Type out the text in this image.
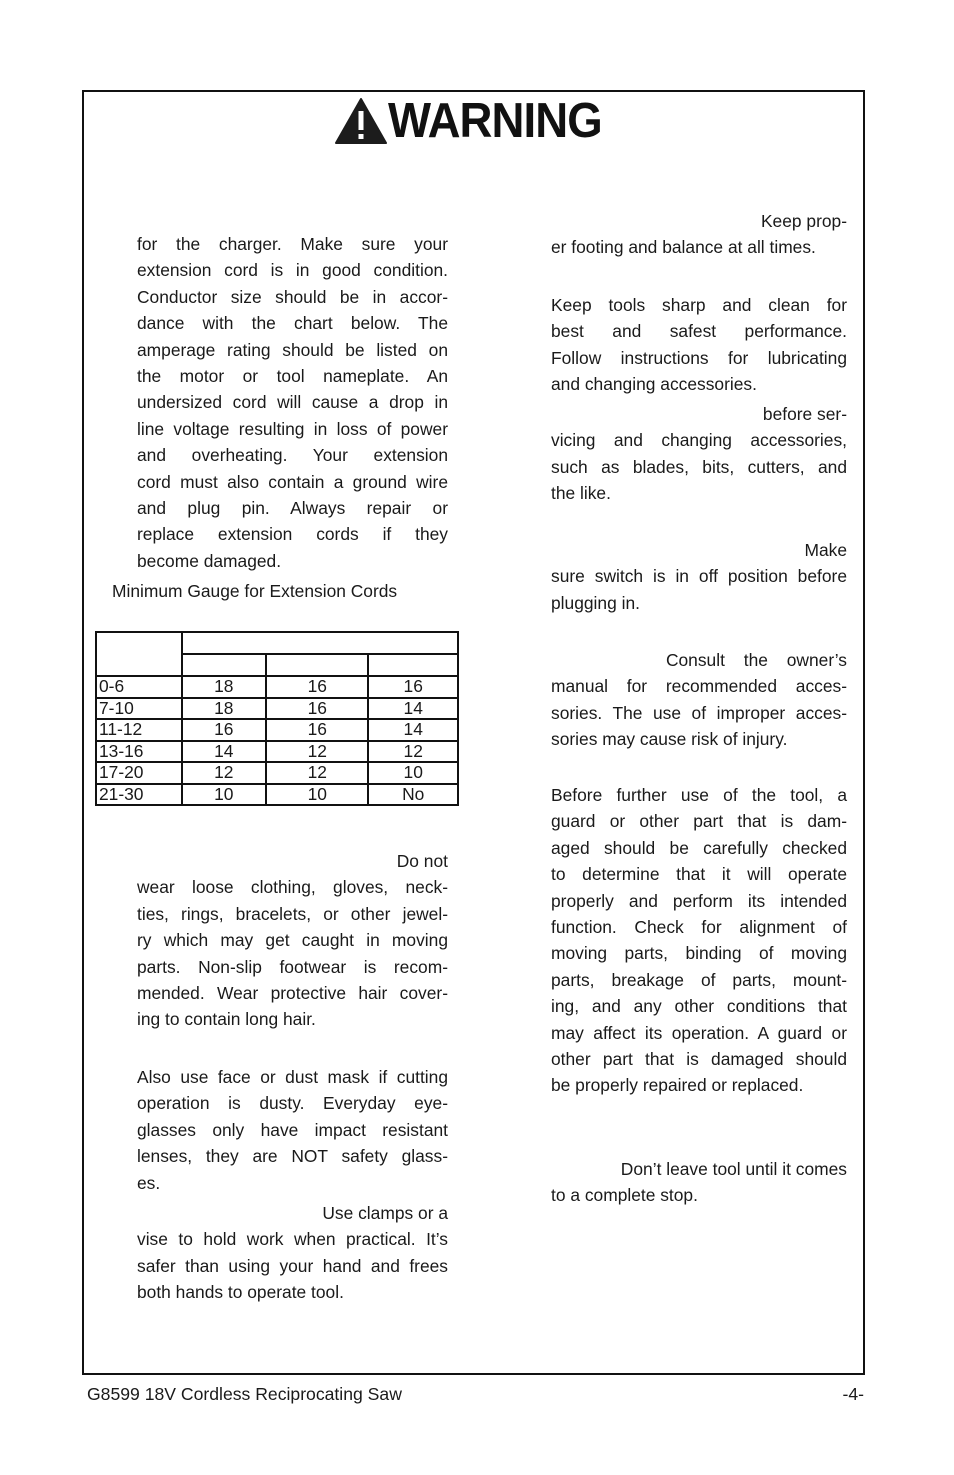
WARNING
for the charger. Make sure your
extension cord is in good condition.
Conductor size should be in accor-
dance with the chart below. The
amperage rating should be listed on
the motor or tool nameplate. An
undersized cord will cause a drop in
line voltage resulting in loss of power
and overheating. Your extension
cord must also contain a ground wire
and plug pin. Always repair or
replace extension cords if they
become damaged.
Minimum Gauge for Extension Cords

0-6	18	16	16
7-10	18	16	14
11-12	16	16	14
13-16	14	12	12
17-20	12	12	10
21-30	10	10	No
Do not
wear loose clothing, gloves, neck-
ties, rings, bracelets, or other jewel-
ry which may get caught in moving
parts. Non-slip footwear is recom-
mended. Wear protective hair cover-
ing to contain long hair.
Also use face or dust mask if cutting
operation is dusty. Everyday eye-
glasses only have impact resistant
lenses, they are NOT safety glass-
es.
Use clamps or a
vise to hold work when practical. It’s
safer than using your hand and frees
both hands to operate tool.
Keep prop-
er footing and balance at all times.
Keep tools sharp and clean for
best and safest performance.
Follow instructions for lubricating
and changing accessories.
before ser-
vicing and changing accessories,
such as blades, bits, cutters, and
the like.
Make
sure switch is in off position before
plugging in.
Consult the owner’s
manual for recommended acces-
sories. The use of improper acces-
sories may cause risk of injury.
Before further use of the tool, a
guard or other part that is dam-
aged should be carefully checked
to determine that it will operate
properly and perform its intended
function. Check for alignment of
moving parts, binding of moving
parts, breakage of parts, mount-
ing, and any other conditions that
may affect its operation. A guard or
other part that is damaged should
be properly repaired or replaced.
Don’t leave tool until it comes
to a complete stop.
G8599 18V Cordless Reciprocating Saw	-4-
